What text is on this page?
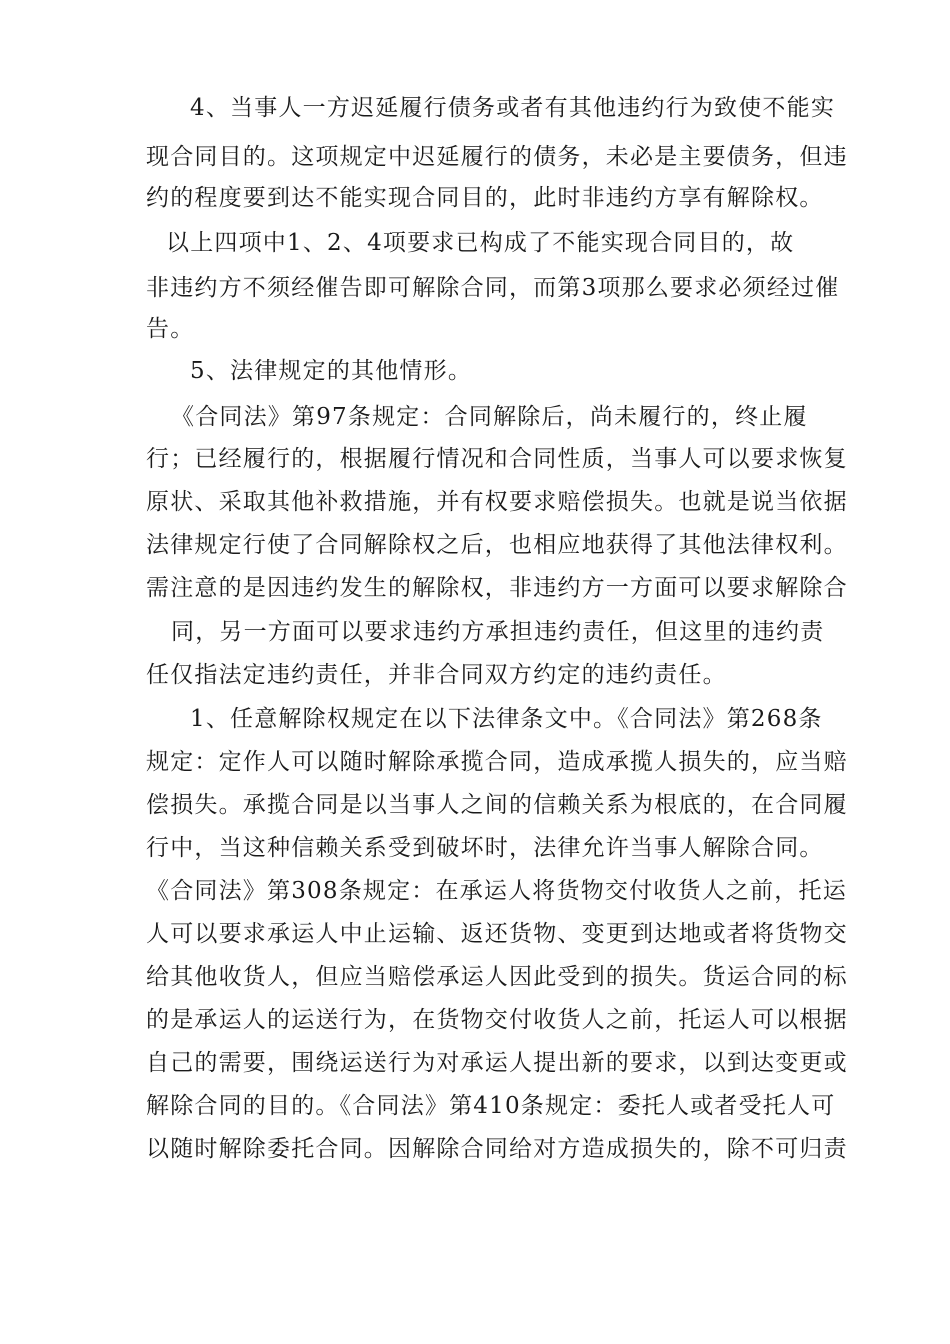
4、当事人一方迟延履行债务或者有其他违约行为致使不能实
现合同目的。这项规定中迟延履行的债务，未必是主要债务，但违
约的程度要到达不能实现合同目的，此时非违约方享有解除权。
以上四项中1、2、4项要求已构成了不能实现合同目的，故
非违约方不须经催告即可解除合同，而第3项那么要求必须经过催
告。
5、法律规定的其他情形。
《合同法》第97条规定：合同解除后，尚未履行的，终止履
行；已经履行的，根据履行情况和合同性质，当事人可以要求恢复
原状、采取其他补救措施，并有权要求赔偿损失。也就是说当依据
法律规定行使了合同解除权之后，也相应地获得了其他法律权利。
需注意的是因违约发生的解除权，非违约方一方面可以要求解除合
同，另一方面可以要求违约方承担违约责任，但这里的违约责
任仅指法定违约责任，并非合同双方约定的违约责任。
1、任意解除权规定在以下法律条文中。《合同法》第268条
规定：定作人可以随时解除承揽合同，造成承揽人损失的，应当赔
偿损失。承揽合同是以当事人之间的信赖关系为根底的，在合同履
行中，当这种信赖关系受到破坏时，法律允许当事人解除合同。
《合同法》第308条规定：在承运人将货物交付收货人之前，托运
人可以要求承运人中止运输、返还货物、变更到达地或者将货物交
给其他收货人，但应当赔偿承运人因此受到的损失。货运合同的标
的是承运人的运送行为，在货物交付收货人之前，托运人可以根据
自己的需要，围绕运送行为对承运人提出新的要求，以到达变更或
解除合同的目的。《合同法》第410条规定：委托人或者受托人可
以随时解除委托合同。因解除合同给对方造成损失的，除不可归责
